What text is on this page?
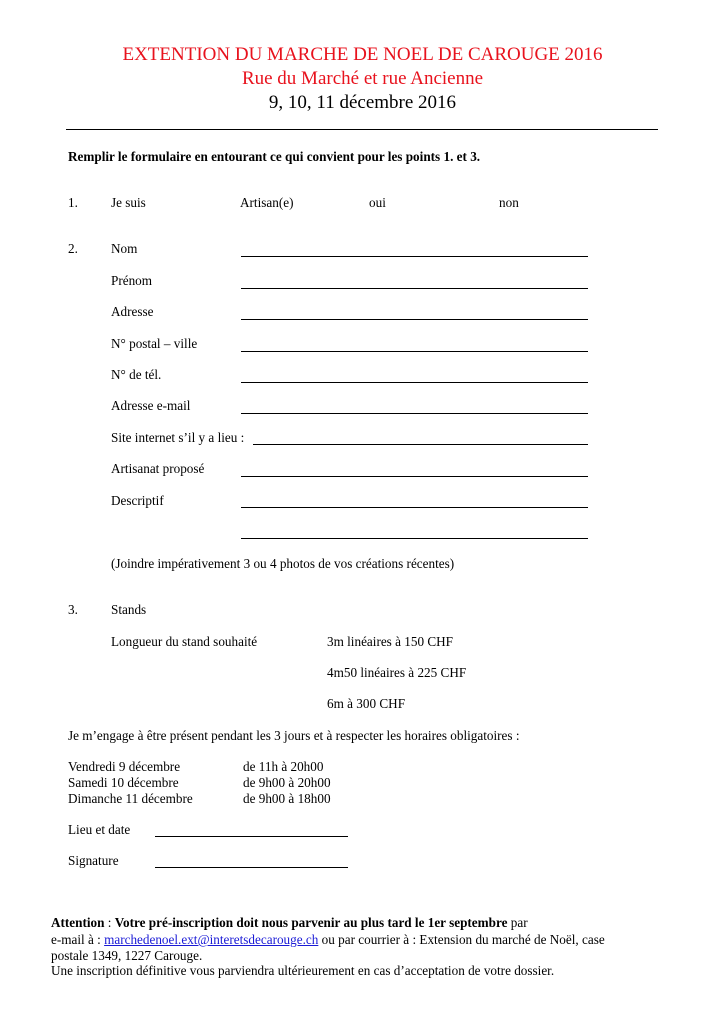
EXTENTION DU MARCHE DE NOEL DE CAROUGE 2016
Rue du Marché et rue Ancienne
9, 10, 11 décembre 2016
Remplir le formulaire en entourant ce qui convient pour les points 1. et 3.
1.	Je suis	Artisan(e)	oui	non
2.	Nom
Prénom
Adresse
N° postal – ville
N° de tél.
Adresse e-mail
Site internet s’il y a lieu :
Artisanat proposé
Descriptif
(Joindre impérativement 3 ou 4 photos de vos créations récentes)
3.	Stands
Longueur du stand souhaité	3m linéaires à 150 CHF
4m50 linéaires à 225 CHF
6m à 300 CHF
Je m’engage à être présent pendant les 3 jours et à respecter les horaires obligatoires :
Vendredi 9 décembre	de 11h à 20h00
Samedi 10 décembre	de 9h00 à 20h00
Dimanche 11 décembre	de 9h00 à 18h00
Lieu et date
Signature
Attention : Votre pré-inscription doit nous parvenir au plus tard le 1er septembre par
e-mail à : marchedenoel.ext@interetsdecarouge.ch ou par courrier à : Extension du marché de Noël, case
postale 1349, 1227 Carouge.
Une inscription définitive vous parviendra ultérieurement en cas d’acceptation de votre dossier.
